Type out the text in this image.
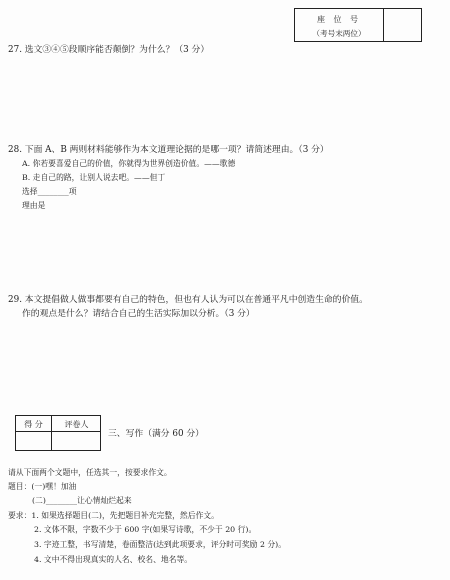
座 位 号
（考号末两位）
27. 选文③④⑤段顺序能否颠倒？为什么？（3 分）
28. 下面 A、B 两则材料能够作为本文道理论据的是哪一项？请简述理由。（3 分）
A. 你若要喜爱自己的价值，你就得为世界创造价值。——歌德
B. 走自己的路，让别人说去吧。——但丁
选择________项
理由是
29. 本文提倡做人做事都要有自己的特色，但也有人认为可以在普通平凡中创造生命的价值。
作的观点是什么？请结合自己的生活实际加以分析。（3 分）
得 分	评卷人
三、写作（满分 60 分）
请从下面两个文题中，任选其一，按要求作文。
题目：(一)嘿！加油
(二)________让心情灿烂起来
要求：1. 如果选择题目(二)，先把题目补充完整，然后作文。
2. 文体不限，字数不少于 600 字(如果写诗歌，不少于 20 行)。
3. 字迹工整，书写清楚，卷面整洁(达到此项要求，评分时可奖励 2 分)。
4. 文中不得出现真实的人名、校名、地名等。
